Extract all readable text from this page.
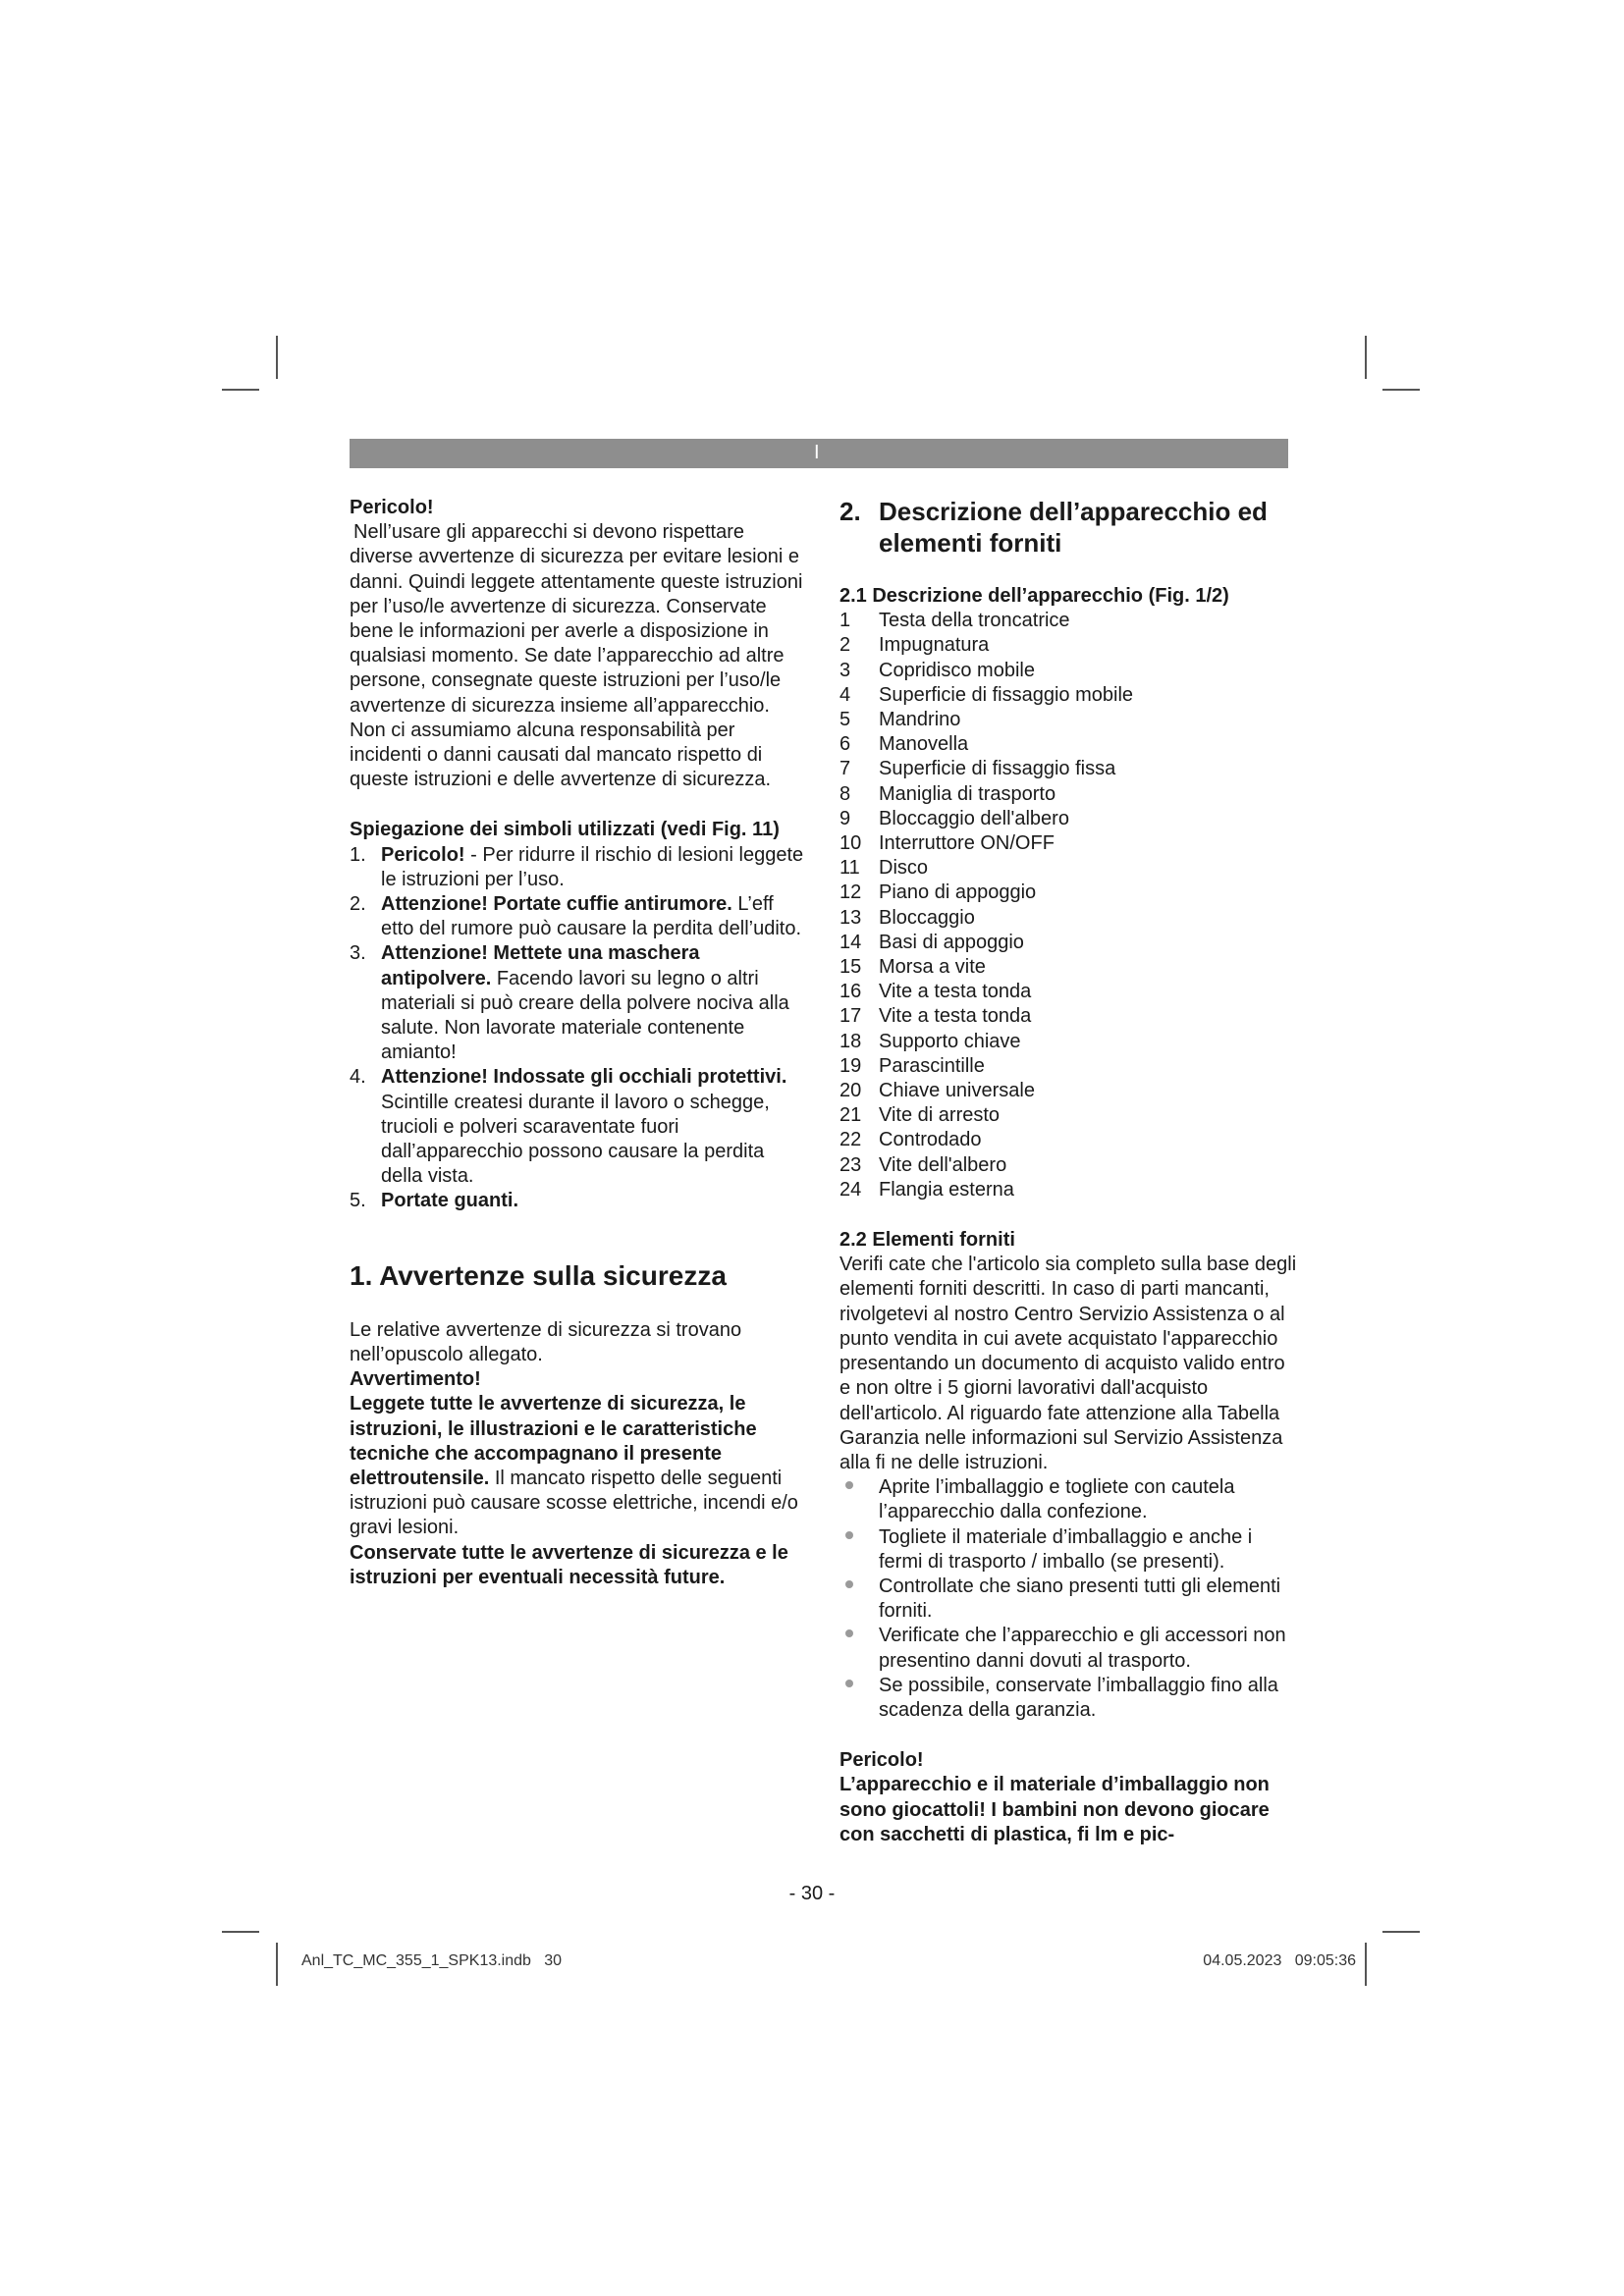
I

Pericolo!

Nell’usare gli apparecchi si devono rispettare diverse avvertenze di sicurezza per evitare lesioni e danni. Quindi leggete attentamente queste istruzioni per l’uso/le avvertenze di sicurezza. Conservate bene le informazioni per averle a disposizione in qualsiasi momento. Se date l’apparecchio ad altre persone, consegnate queste istruzioni per l’uso/le avvertenze di sicurezza insieme all’apparecchio. Non ci assumiamo alcuna responsabilità per incidenti o danni causati dal mancato rispetto di queste istruzioni e delle avvertenze di sicurezza.

Spiegazione dei simboli utilizzati (vedi Fig. 11)

1. Pericolo! - Per ridurre il rischio di lesioni leggete le istruzioni per l’uso.
2. Attenzione! Portate cuffie antirumore. L’eff etto del rumore può causare la perdita dell’udito.
3. Attenzione! Mettete una maschera antipolvere. Facendo lavori su legno o altri materiali si può creare della polvere nociva alla salute. Non lavorate materiale contenente amianto!
4. Attenzione! Indossate gli occhiali protettivi. Scintille createsi durante il lavoro o schegge, trucioli e polveri scaraventate fuori dall’apparecchio possono causare la perdita della vista.
5. Portate guanti.
1. Avvertenze sulla sicurezza

Le relative avvertenze di sicurezza si trovano nell’opuscolo allegato.

Avvertimento!

Leggete tutte le avvertenze di sicurezza, le istruzioni, le illustrazioni e le caratteristiche tecniche che accompagnano il presente elettroutensile. Il mancato rispetto delle seguenti istruzioni può causare scosse elettriche, incendi e/o gravi lesioni.

Conservate tutte le avvertenze di sicurezza e le istruzioni per eventuali necessità future.

2. Descrizione dell’apparecchio ed
elementi forniti

2.1 Descrizione dell’apparecchio (Fig. 1/2)

1 Testa della troncatrice
2 Impugnatura
3 Copridisco mobile
4 Superficie di fissaggio mobile
5 Mandrino
6 Manovella
7 Superficie di fissaggio fissa
8 Maniglia di trasporto
9 Bloccaggio dell'albero
10 Interruttore ON/OFF
11 Disco
12 Piano di appoggio
13 Bloccaggio
14 Basi di appoggio
15 Morsa a vite
16 Vite a testa tonda
17 Vite a testa tonda
18 Supporto chiave
19 Parascintille
20 Chiave universale
21 Vite di arresto
22 Controdado
23 Vite dell'albero
24 Flangia esterna

2.2 Elementi forniti

Verifi cate che l'articolo sia completo sulla base degli elementi forniti descritti. In caso di parti mancanti, rivolgetevi al nostro Centro Servizio Assistenza o al punto vendita in cui avete acquistato l'apparecchio presentando un documento di acquisto valido entro e non oltre i 5 giorni lavorativi dall'acquisto dell'articolo. Al riguardo fate attenzione alla Tabella Garanzia nelle informazioni sul Servizio Assistenza alla fi ne delle istruzioni.

Aprite l’imballaggio e togliete con cautela l’apparecchio dalla confezione.
Togliete il materiale d’imballaggio e anche i fermi di trasporto / imballo (se presenti).
Controllate che siano presenti tutti gli elementi forniti.
Verificate che l’apparecchio e gli accessori non presentino danni dovuti al trasporto.
Se possibile, conservate l’imballaggio fino alla scadenza della garanzia.

Pericolo!

L’apparecchio e il materiale d’imballaggio non sono giocattoli! I bambini non devono giocare con sacchetti di plastica, fi lm e pic-

- 30 -
Anl_TC_MC_355_1_SPK13.indb   30	04.05.2023   09:05:36
